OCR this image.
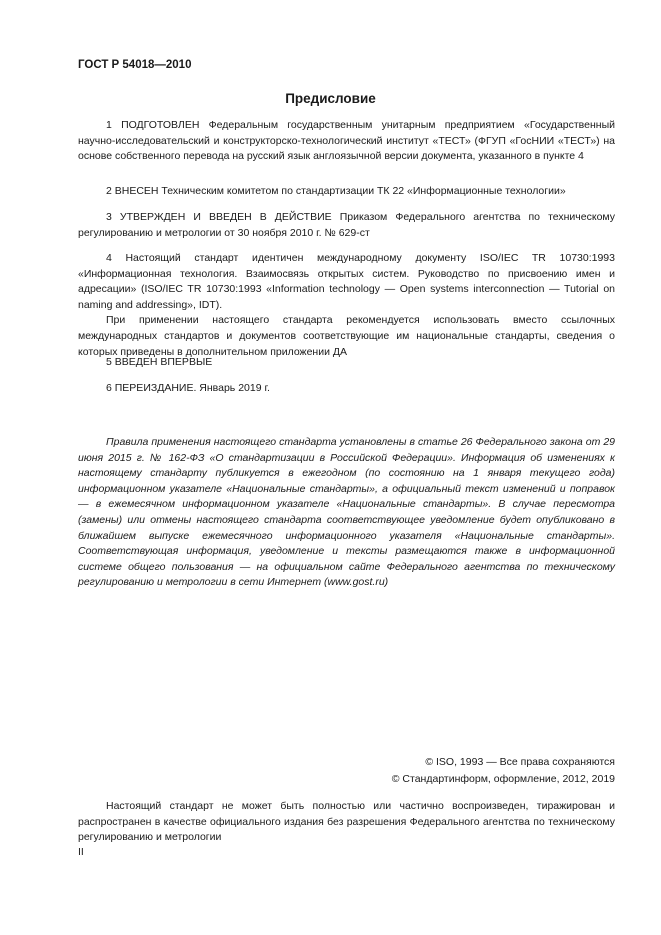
ГОСТ Р 54018—2010
Предисловие

1 ПОДГОТОВЛЕН Федеральным государственным унитарным предприятием «Государственный научно-исследовательский и конструкторско-технологический институт «ТЕСТ» (ФГУП «ГосНИИ «ТЕСТ») на основе собственного перевода на русский язык англоязычной версии документа, указанного в пункте 4

2 ВНЕСЕН Техническим комитетом по стандартизации ТК 22 «Информационные технологии»

3 УТВЕРЖДЕН И ВВЕДЕН В ДЕЙСТВИЕ Приказом Федерального агентства по техническому регулированию и метрологии от 30 ноября 2010 г. № 629-ст

4 Настоящий стандарт идентичен международному документу ISO/IEC TR 10730:1993 «Информационная технология. Взаимосвязь открытых систем. Руководство по присвоению имен и адресации» (ISO/IEC TR 10730:1993 «Information technology — Open systems interconnection — Tutorial on naming and addressing», IDT).

При применении настоящего стандарта рекомендуется использовать вместо ссылочных международных стандартов и документов соответствующие им национальные стандарты, сведения о которых приведены в дополнительном приложении ДА

5 ВВЕДЕН ВПЕРВЫЕ

6 ПЕРЕИЗДАНИЕ. Январь 2019 г.

Правила применения настоящего стандарта установлены в статье 26 Федерального закона от 29 июня 2015 г. № 162-ФЗ «О стандартизации в Российской Федерации». Информация об изменениях к настоящему стандарту публикуется в ежегодном (по состоянию на 1 января текущего года) информационном указателе «Национальные стандарты», а официальный текст изменений и поправок — в ежемесячном информационном указателе «Национальные стандарты». В случае пересмотра (замены) или отмены настоящего стандарта соответствующее уведомление будет опубликовано в ближайшем выпуске ежемесячного информационного указателя «Национальные стандарты». Соответствующая информация, уведомление и тексты размещаются также в информационной системе общего пользования — на официальном сайте Федерального агентства по техническому регулированию и метрологии в сети Интернет (www.gost.ru)

© ISO, 1993 — Все права сохраняются
© Стандартинформ, оформление, 2012, 2019

Настоящий стандарт не может быть полностью или частично воспроизведен, тиражирован и распространен в качестве официального издания без разрешения Федерального агентства по техническому регулированию и метрологии

II
